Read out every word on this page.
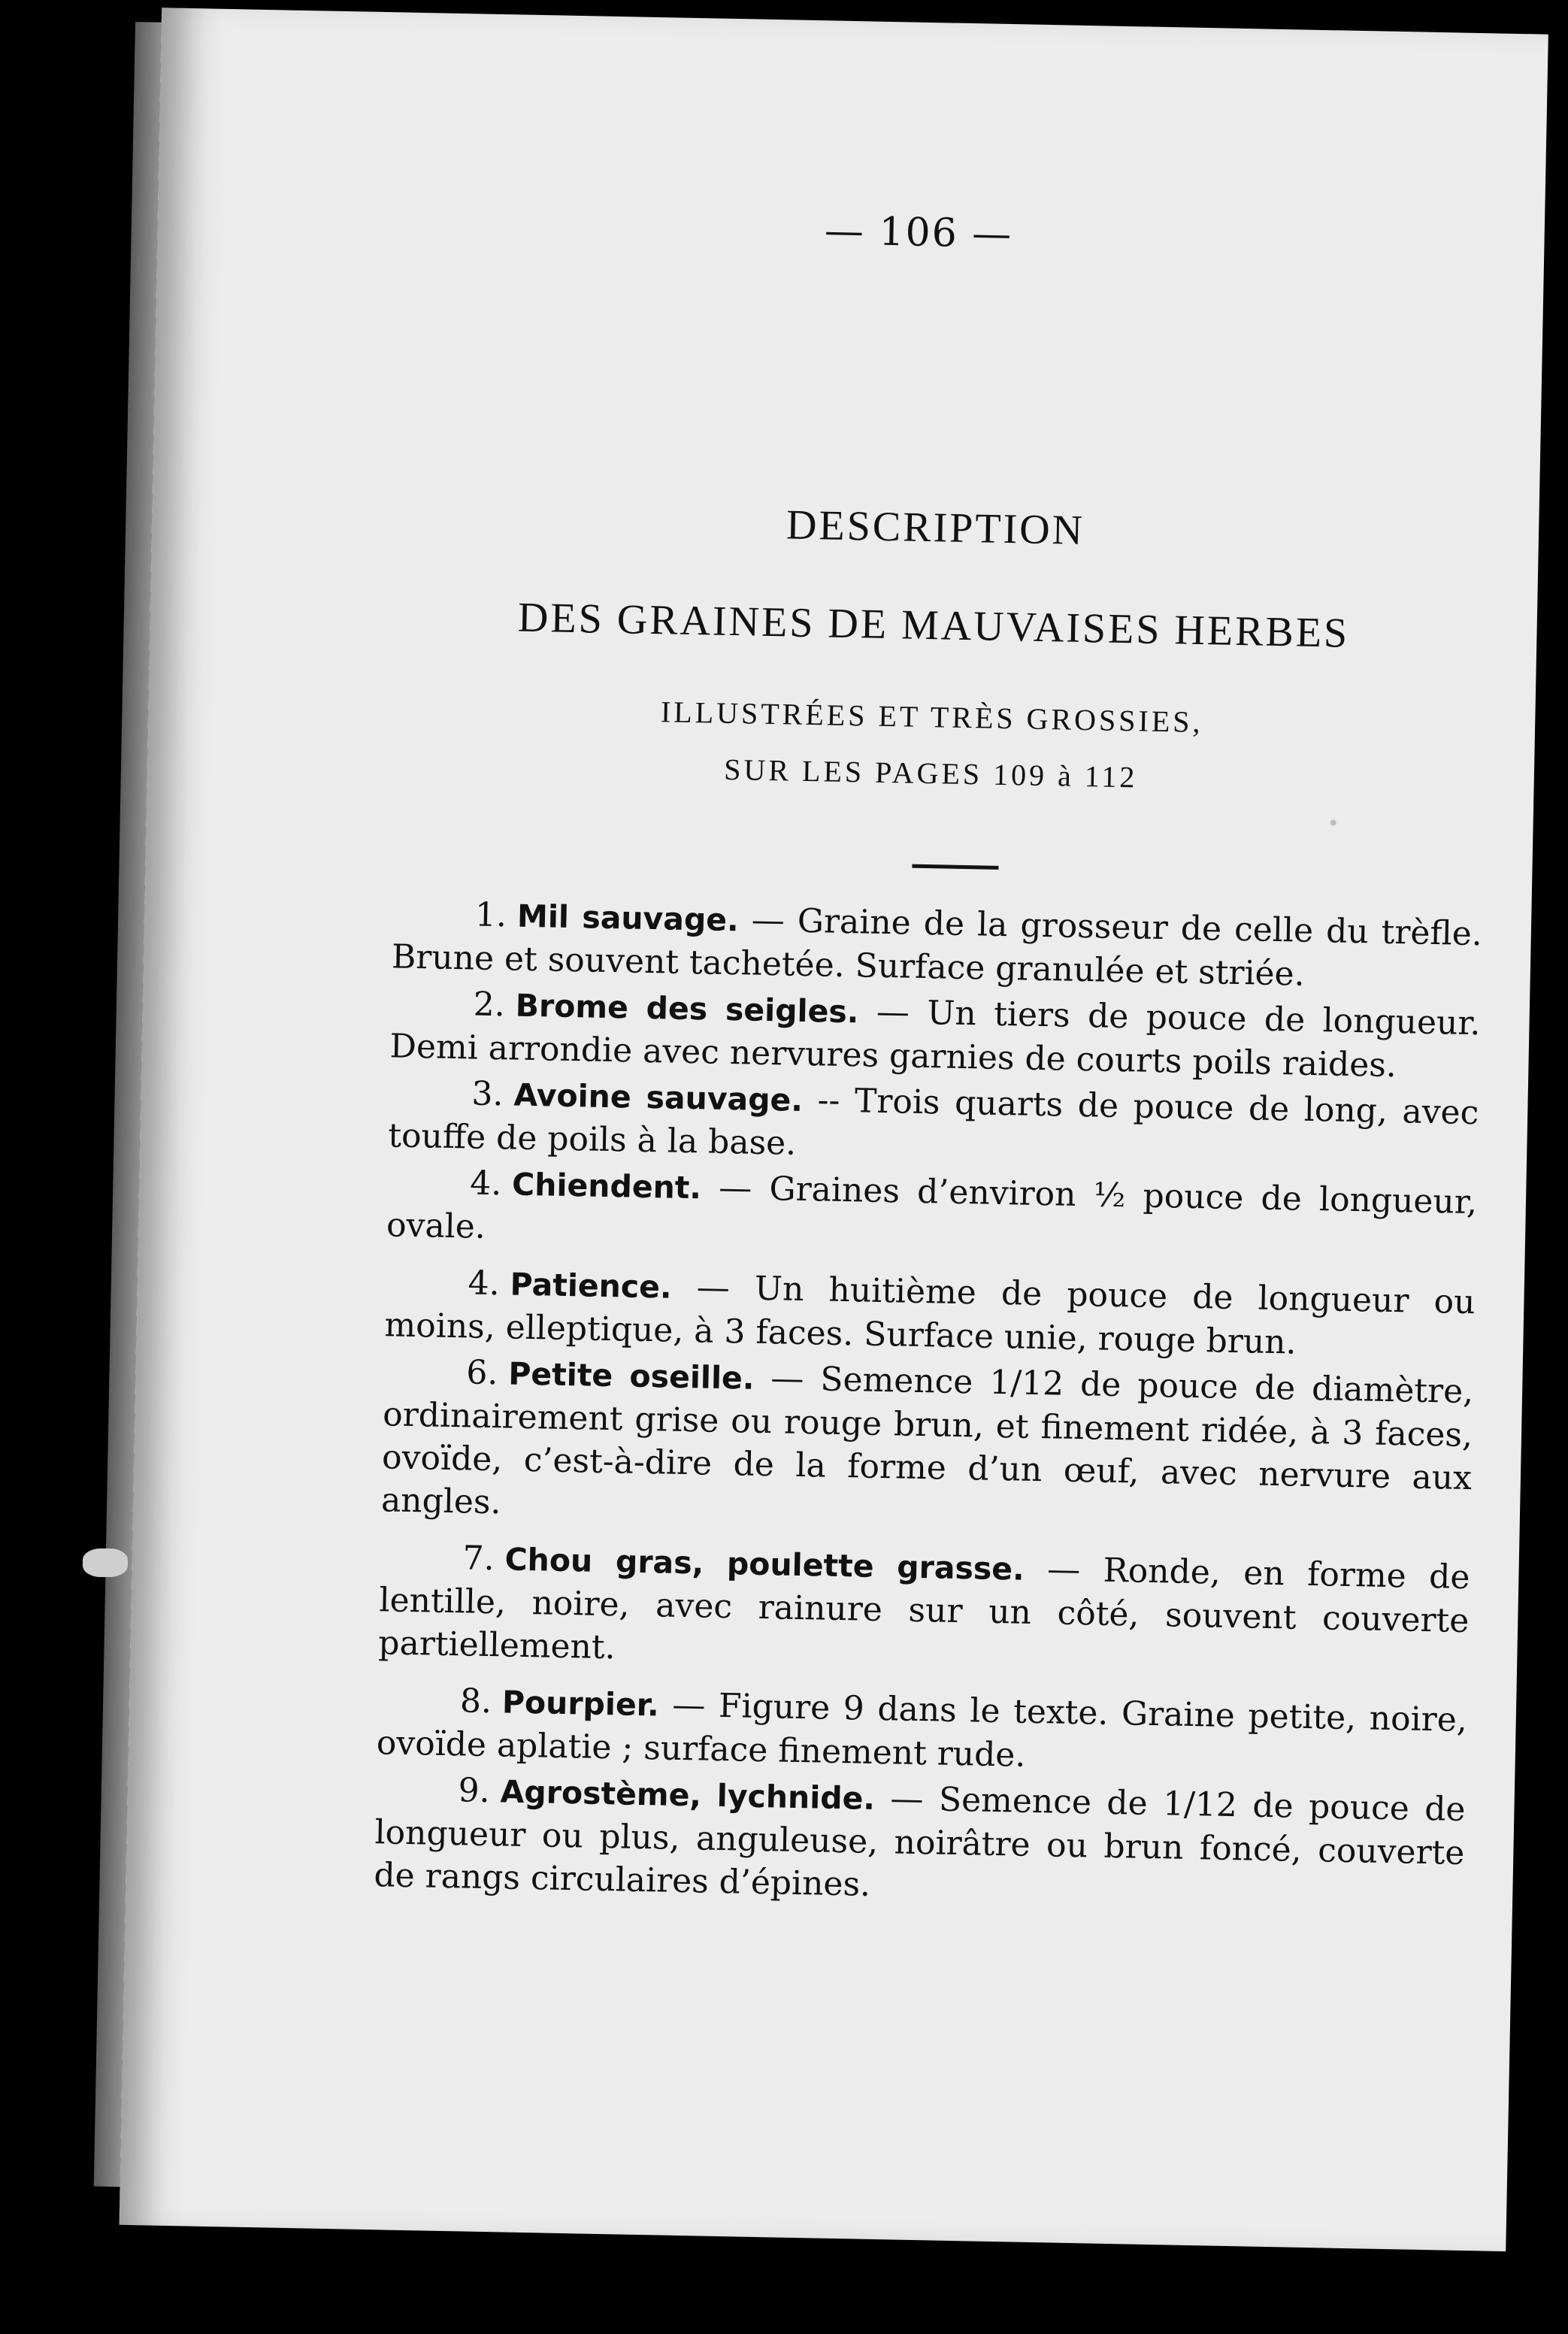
— 106 —
DESCRIPTION
DES GRAINES DE MAUVAISES HERBES
ILLUSTRÉES ET TRÈS GROSSIES,
SUR LES PAGES 109 à 112

1. Mil sauvage. — Graine de la grosseur de celle du trèfle. Brune et souvent tachetée. Surface granulée et striée.

2. Brome des seigles. — Un tiers de pouce de longueur. Demi arrondie avec nervures garnies de courts poils raides.

3. Avoine sauvage. -- Trois quarts de pouce de long, avec touffe de poils à la base.

4. Chiendent. — Graines d’environ ½ pouce de longueur, ovale.

4. Patience. — Un huitième de pouce de longueur ou moins, elleptique, à 3 faces. Surface unie, rouge brun.

6. Petite oseille. — Semence 1/12 de pouce de diamètre, ordinairement grise ou rouge brun, et finement ridée, à 3 faces, ovoïde, c’est-à-dire de la forme d’un œuf, avec nervure aux angles.

7. Chou gras, poulette grasse. — Ronde, en forme de lentille, noire, avec rainure sur un côté, souvent couverte partiellement.

8. Pourpier. — Figure 9 dans le texte. Graine petite, noire, ovoïde aplatie ; surface finement rude.

9. Agrostème, lychnide. — Semence de 1/12 de pouce de longueur ou plus, anguleuse, noirâtre ou brun foncé, couverte de rangs circulaires d’épines.
